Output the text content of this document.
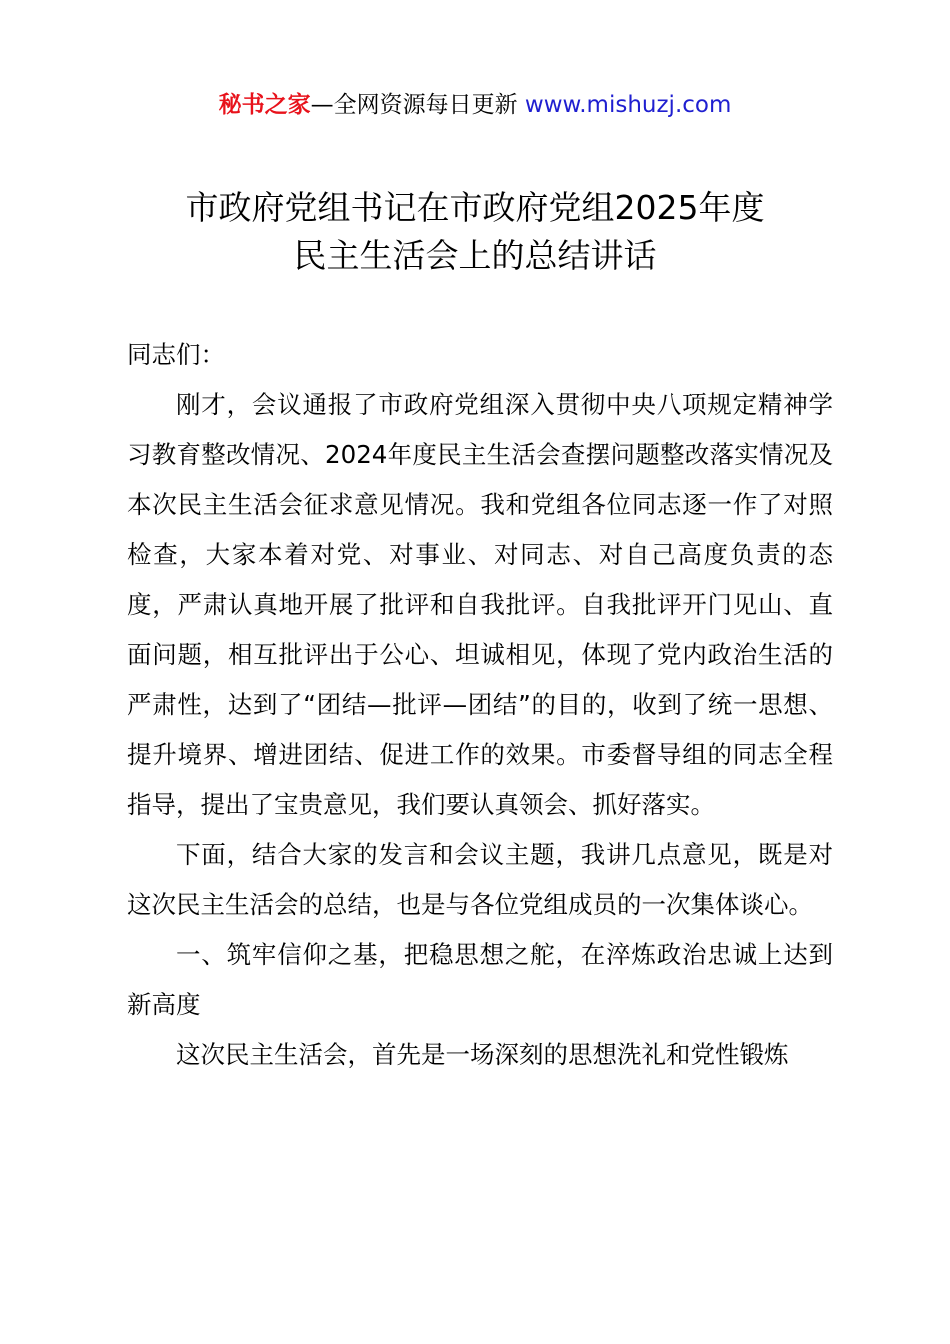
秘书之家—全网资源每日更新 www.mishuzj.com
市政府党组书记在市政府党组2025年度
民主生活会上的总结讲话

同志们：

刚才，会议通报了市政府党组深入贯彻中央八项规定精神学习教育整改情况、2024年度民主生活会查摆问题整改落实情况及本次民主生活会征求意见情况。我和党组各位同志逐一作了对照检查，大家本着对党、对事业、对同志、对自己高度负责的态度，严肃认真地开展了批评和自我批评。自我批评开门见山、直面问题，相互批评出于公心、坦诚相见，体现了党内政治生活的严肃性，达到了“团结—批评—团结”的目的，收到了统一思想、提升境界、增进团结、促进工作的效果。市委督导组的同志全程指导，提出了宝贵意见，我们要认真领会、抓好落实。

下面，结合大家的发言和会议主题，我讲几点意见，既是对这次民主生活会的总结，也是与各位党组成员的一次集体谈心。

一、筑牢信仰之基，把稳思想之舵，在淬炼政治忠诚上达到新高度

这次民主生活会，首先是一场深刻的思想洗礼和党性锻炼
